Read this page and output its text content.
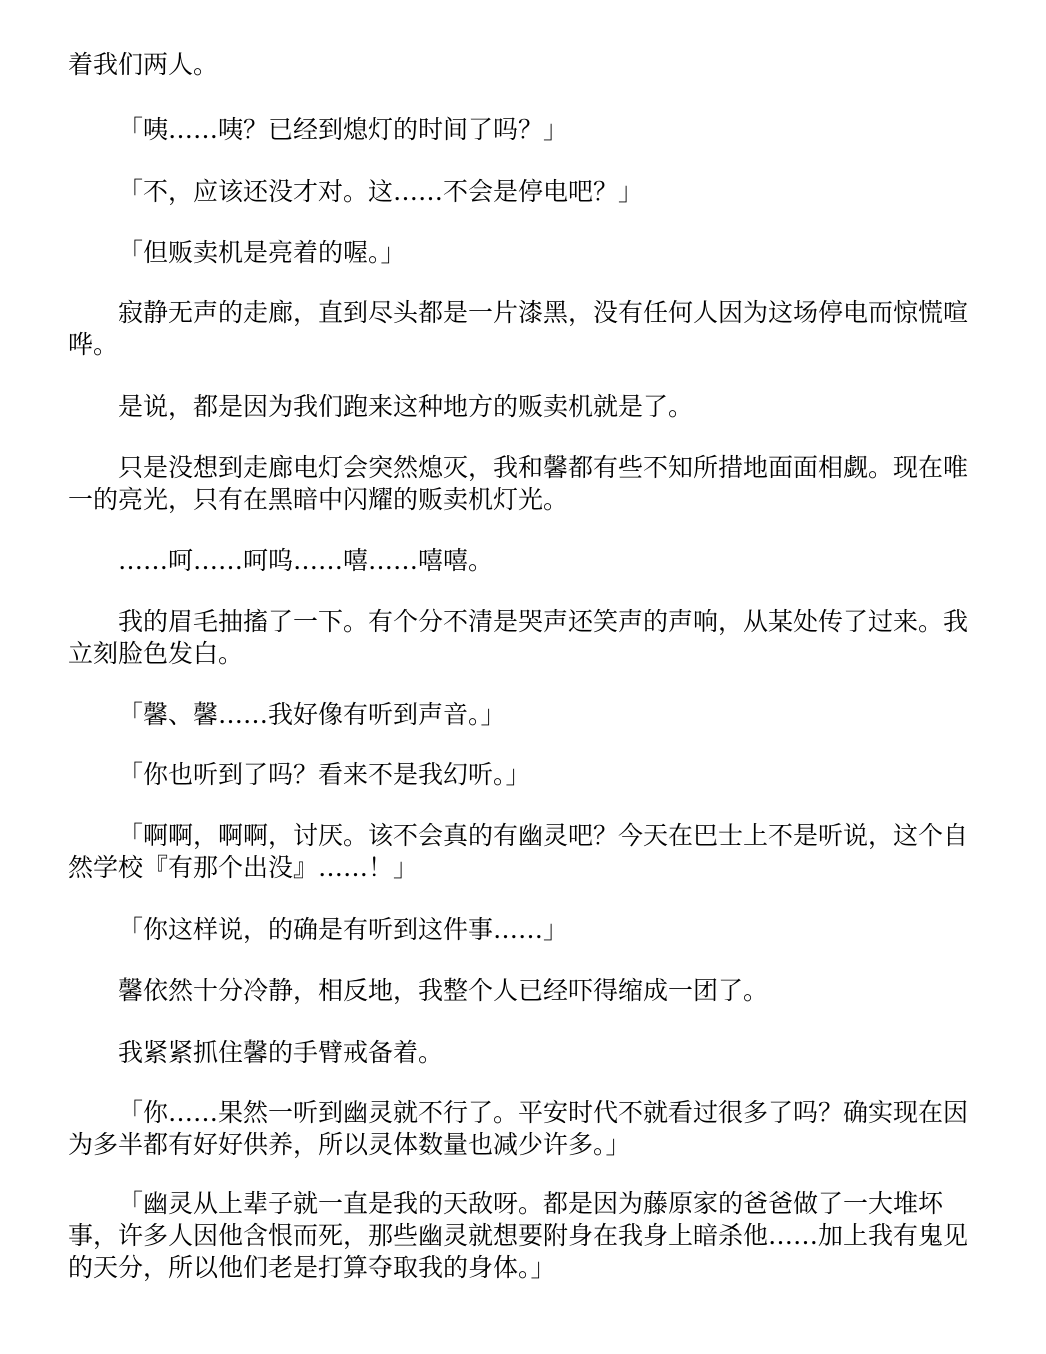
着我们两人。

「咦……咦？已经到熄灯的时间了吗？」

「不，应该还没才对。这……不会是停电吧？」

「但贩卖机是亮着的喔。」

寂静无声的走廊，直到尽头都是一片漆黑，没有任何人因为这场停电而惊慌喧哗。

是说，都是因为我们跑来这种地方的贩卖机就是了。

只是没想到走廊电灯会突然熄灭，我和馨都有些不知所措地面面相觑。现在唯一的亮光，只有在黑暗中闪耀的贩卖机灯光。

……呵……呵呜……嘻……嘻嘻。

我的眉毛抽搐了一下。有个分不清是哭声还笑声的声响，从某处传了过来。我立刻脸色发白。

「馨、馨……我好像有听到声音。」

「你也听到了吗？看来不是我幻听。」

「啊啊，啊啊，讨厌。该不会真的有幽灵吧？今天在巴士上不是听说，这个自然学校『有那个出没』……！」

「你这样说，的确是有听到这件事……」

馨依然十分冷静，相反地，我整个人已经吓得缩成一团了。

我紧紧抓住馨的手臂戒备着。

「你……果然一听到幽灵就不行了。平安时代不就看过很多了吗？确实现在因为多半都有好好供养，所以灵体数量也减少许多。」

「幽灵从上辈子就一直是我的天敌呀。都是因为藤原家的爸爸做了一大堆坏事，许多人因他含恨而死，那些幽灵就想要附身在我身上暗杀他……加上我有鬼见的天分，所以他们老是打算夺取我的身体。」
